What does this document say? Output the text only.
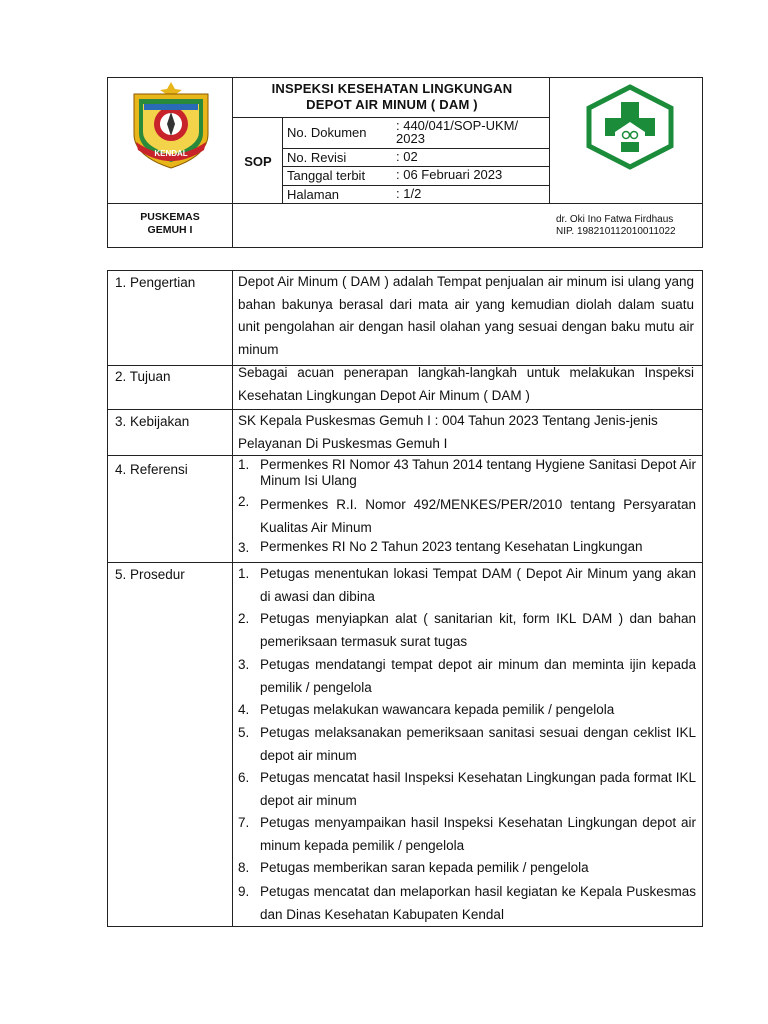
KENDAL
INSPEKSI KESEHATAN LINGKUNGAN
DEPOT AIR MINUM ( DAM )
SOP
No. Dokumen : 440/041/SOP-UKM/ 2023
No. Revisi	: 02
Tanggal terbit : 06 Februari 2023
Halaman	: 1/2
PUSKEMAS
GEMUH I
dr. Oki Ino Fatwa Firdhaus
NIP. 198210112010011022
1. Pengertian	Depot Air Minum ( DAM ) adalah Tempat penjualan air minum isi ulang yang bahan bakunya berasal dari mata air yang kemudian diolah dalam suatu unit pengolahan air dengan hasil olahan yang sesuai dengan baku mutu air minum
2. Tujuan	Sebagai acuan penerapan langkah-langkah untuk melakukan Inspeksi Kesehatan Lingkungan Depot Air Minum ( DAM )
3. Kebijakan	SK Kepala Puskesmas Gemuh I : 004 Tahun 2023 Tentang Jenis-jenis Pelayanan Di Puskesmas Gemuh I
4. Referensi	1. Permenkes RI Nomor 43 Tahun 2014 tentang Hygiene Sanitasi Depot Air Minum Isi Ulang
2. Permenkes R.I. Nomor 492/MENKES/PER/2010 tentang Persyaratan Kualitas Air Minum
3. Permenkes RI No 2 Tahun 2023 tentang Kesehatan Lingkungan
5. Prosedur	1. Petugas menentukan lokasi Tempat DAM ( Depot Air Minum yang akan di awasi dan dibina
2. Petugas menyiapkan alat ( sanitarian kit, form IKL DAM ) dan bahan pemeriksaan termasuk surat tugas
3. Petugas mendatangi tempat depot air minum dan meminta ijin kepada pemilik / pengelola
4. Petugas melakukan wawancara kepada pemilik / pengelola
5. Petugas melaksanakan pemeriksaan sanitasi sesuai dengan ceklist IKL depot air minum
6. Petugas mencatat hasil Inspeksi Kesehatan Lingkungan pada format IKL depot air minum
7. Petugas menyampaikan hasil Inspeksi Kesehatan Lingkungan depot air minum kepada pemilik / pengelola
8. Petugas memberikan saran kepada pemilik / pengelola
9. Petugas mencatat dan melaporkan hasil kegiatan ke Kepala Puskesmas dan Dinas Kesehatan Kabupaten Kendal
